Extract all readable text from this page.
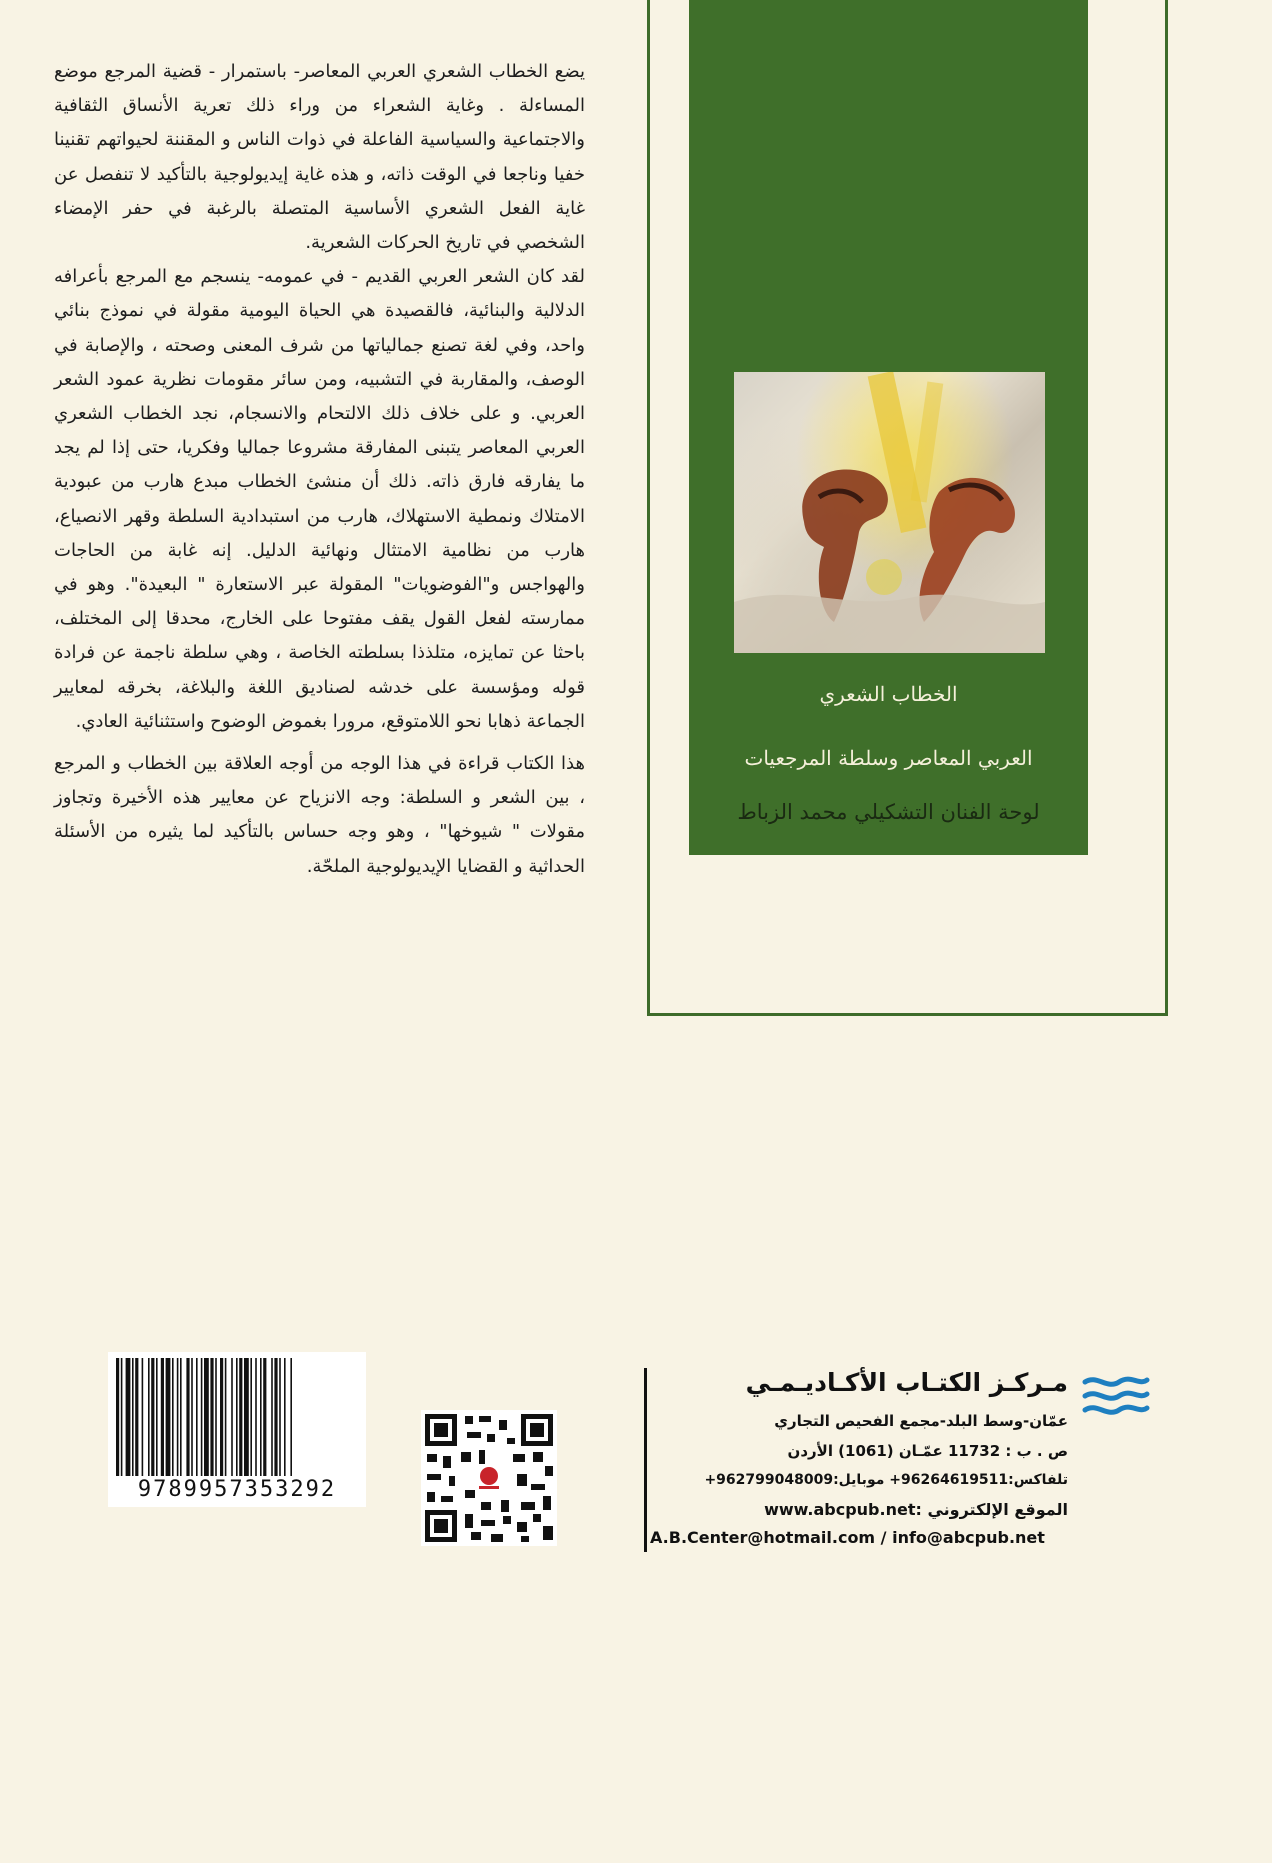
الخطاب الشعري
العربي المعاصر وسلطة المرجعيات
لوحة الفنان التشكيلي محمد الزباط

يضع الخطاب الشعري العربي المعاصر- باستمرار - قضية المرجع موضع المساءلة . وغاية الشعراء من وراء ذلك تعرية الأنساق الثقافية والاجتماعية والسياسية الفاعلة في ذوات الناس و المقننة لحيواتهم تقنينا خفيا وناجعا في الوقت ذاته، و هذه غاية إيديولوجية بالتأكيد لا تنفصل عن غاية الفعل الشعري الأساسية المتصلة بالرغبة في حفر الإمضاء الشخصي في تاريخ الحركات الشعرية.

لقد كان الشعر العربي القديم - في عمومه- ينسجم مع المرجع بأعرافه الدلالية والبنائية، فالقصيدة هي الحياة اليومية مقولة في نموذج بنائي واحد، وفي لغة تصنع جمالياتها من شرف المعنى وصحته ، والإصابة في الوصف، والمقاربة في التشبيه، ومن سائر مقومات نظرية عمود الشعر العربي. و على خلاف ذلك الالتحام والانسجام، نجد الخطاب الشعري العربي المعاصر يتبنى المفارقة مشروعا جماليا وفكريا، حتى إذا لم يجد ما يفارقه فارق ذاته. ذلك أن منشئ الخطاب مبدع هارب من عبودية الامتلاك ونمطية الاستهلاك، هارب من استبدادية السلطة وقهر الانصياع، هارب من نظامية الامتثال ونهائية الدليل. إنه غابة من الحاجات والهواجس و"الفوضويات" المقولة عبر الاستعارة " البعيدة". وهو في ممارسته لفعل القول يقف مفتوحا على الخارج، محدقا إلى المختلف، باحثا عن تمايزه، متلذذا بسلطته الخاصة ، وهي سلطة ناجمة عن فرادة قوله ومؤسسة على خدشه لصناديق اللغة والبلاغة، بخرقه لمعايير الجماعة ذهابا نحو اللامتوقع، مرورا بغموض الوضوح واستثنائية العادي.

هذا الكتاب قراءة في هذا الوجه من أوجه العلاقة بين الخطاب و المرجع ، بين الشعر و السلطة: وجه الانزياح عن معايير هذه الأخيرة وتجاوز مقولات " شيوخها" ، وهو وجه حساس بالتأكيد لما يثيره من الأسئلة الحداثية و القضايا الإيديولوجية الملحّة.

9789957353292
مـركـز الكتـاب الأكـاديـمـي
عمّان-وسط البلد-مجمع الفحيص التجاري
ص . ب : 11732 عمّـان (1061) الأردن
تلفاكس:96264619511+ موبايل:962799048009+
الموقع الإلكتروني :www.abcpub.net
A.B.Center@hotmail.com / info@abcpub.net
